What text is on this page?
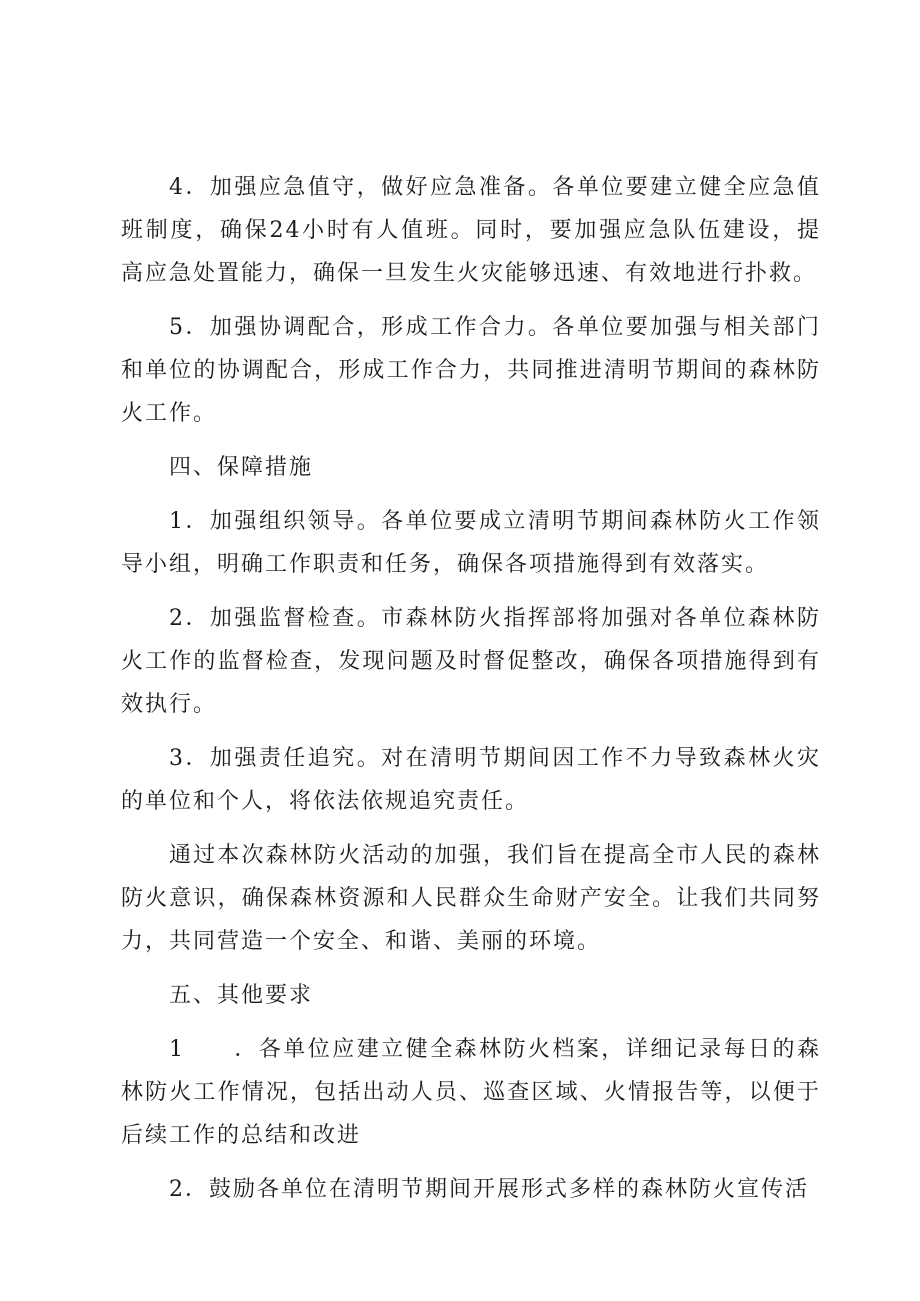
4．加强应急值守，做好应急准备。各单位要建立健全应急值班制度，确保24小时有人值班。同时，要加强应急队伍建设，提高应急处置能力，确保一旦发生火灾能够迅速、有效地进行扑救。

5．加强协调配合，形成工作合力。各单位要加强与相关部门和单位的协调配合，形成工作合力，共同推进清明节期间的森林防火工作。

四、保障措施

1．加强组织领导。各单位要成立清明节期间森林防火工作领导小组，明确工作职责和任务，确保各项措施得到有效落实。

2．加强监督检查。市森林防火指挥部将加强对各单位森林防火工作的监督检查，发现问题及时督促整改，确保各项措施得到有效执行。

3．加强责任追究。对在清明节期间因工作不力导致森林火灾的单位和个人，将依法依规追究责任。

通过本次森林防火活动的加强，我们旨在提高全市人民的森林防火意识，确保森林资源和人民群众生命财产安全。让我们共同努力，共同营造一个安全、和谐、美丽的环境。

五、其他要求

1　　．各单位应建立健全森林防火档案，详细记录每日的森林防火工作情况，包括出动人员、巡查区域、火情报告等，以便于后续工作的总结和改进

2．鼓励各单位在清明节期间开展形式多样的森林防火宣传活
